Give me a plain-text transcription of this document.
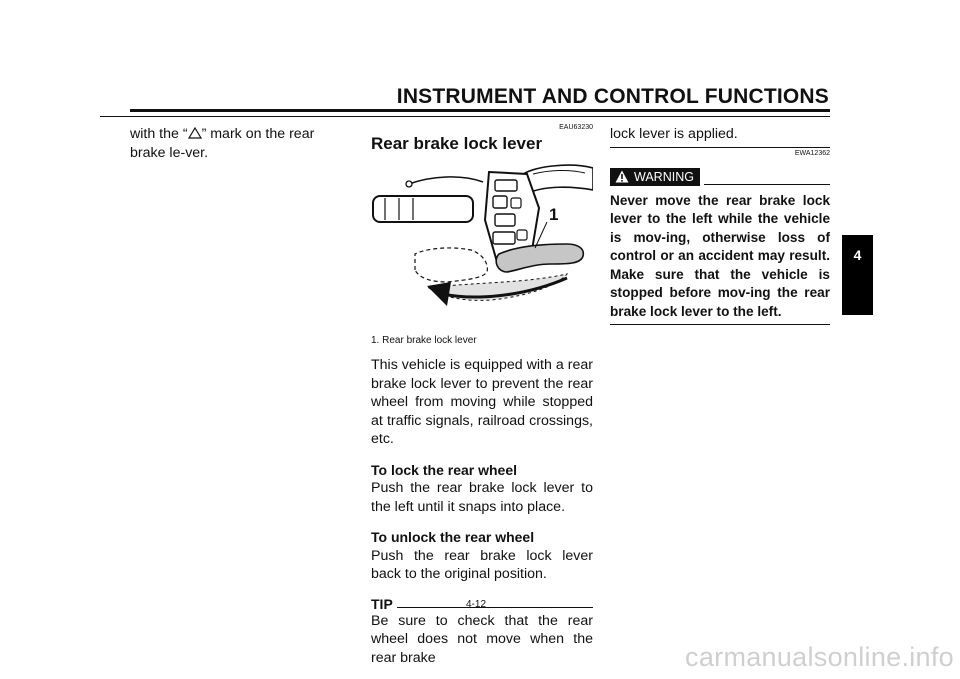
INSTRUMENT AND CONTROL FUNCTIONS
4
with the “ ” mark on the rear brake le-ver.
EAU63230
Rear brake lock lever
1
1. Rear brake lock lever
This vehicle is equipped with a rear brake lock lever to prevent the rear wheel from moving while stopped at traffic signals, railroad crossings, etc.
To lock the rear wheel
Push the rear brake lock lever to the left until it snaps into place.
To unlock the rear wheel
Push the rear brake lock lever back to the original position.
TIP
Be sure to check that the rear wheel does not move when the rear brake
lock lever is applied.
EWA12362
WARNING
Never move the rear brake lock lever to the left while the vehicle is mov-ing, otherwise loss of control or an accident may result. Make sure that the vehicle is stopped before mov-ing the rear brake lock lever to the left.
4-12
carmanualsonline.info
